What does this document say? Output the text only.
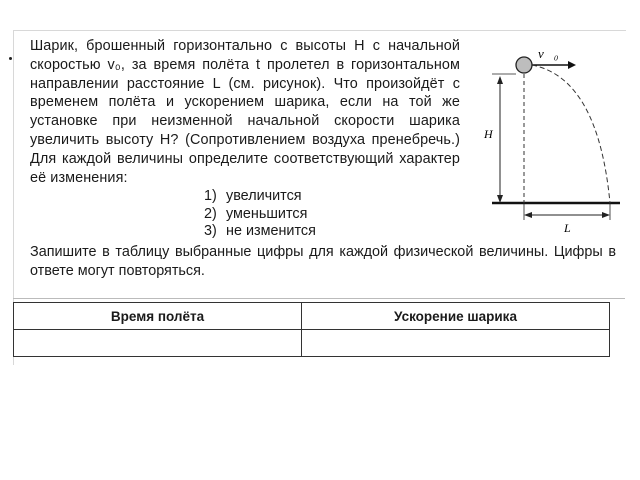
Шарик, брошенный горизонтально с высоты H с начальной скоростью v₀, за время полёта t пролетел в горизонтальном направлении расстояние L (см. рисунок). Что произойдёт с временем полёта и ускорением шарика, если на той же установке при неизменной начальной скорости шарика увеличить высоту H? (Сопротивлением воздуха пренебречь.) Для каждой величины определите соответствующий характер её изменения:

1) увеличится
2) уменьшится
3) не изменится
v⃗₀
H
L

Запишите в таблицу выбранные цифры для каждой физической величины. Цифры в ответе могут повторяться.

Время полёта	Ускорение шарика
